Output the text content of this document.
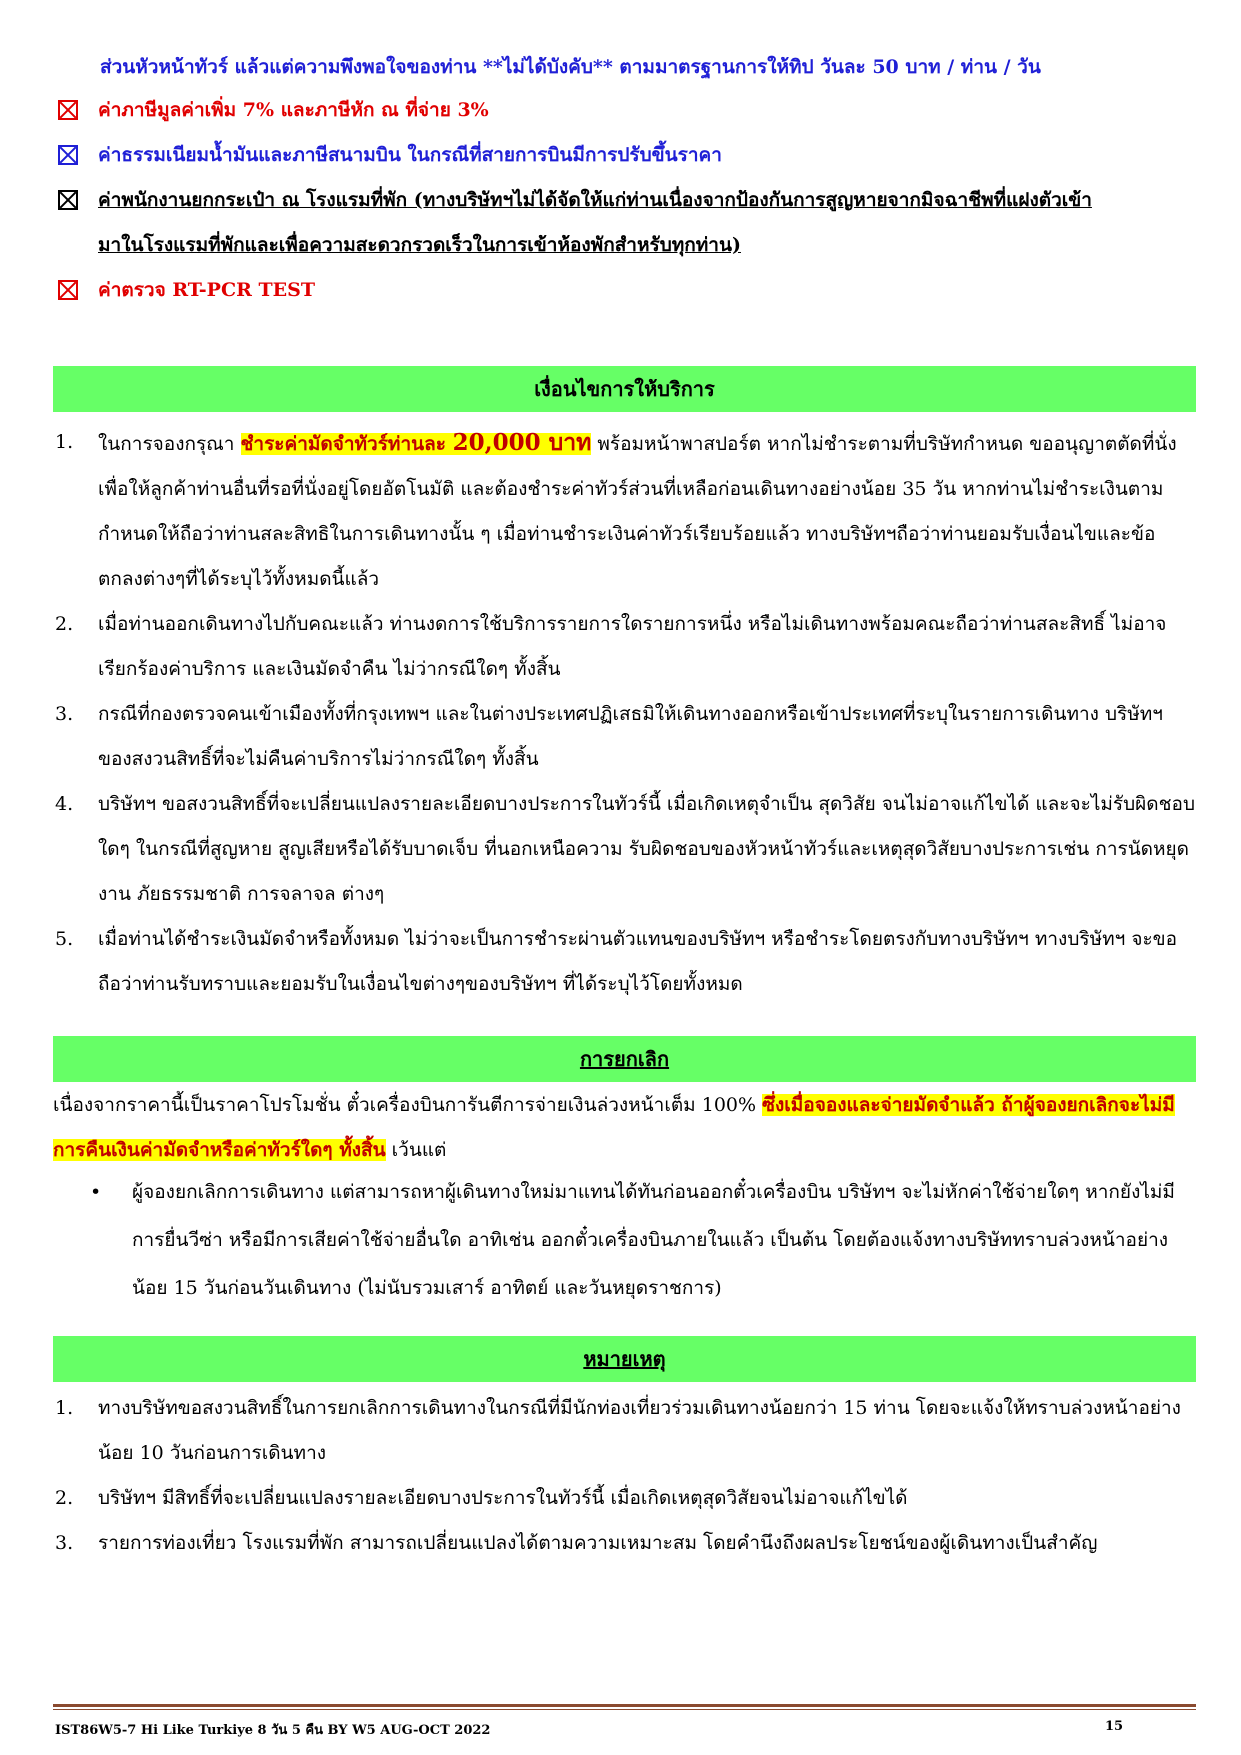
ส่วนหัวหน้าทัวร์ แล้วแต่ความพึงพอใจของท่าน **ไม่ได้บังคับ** ตามมาตรฐานการให้ทิป วันละ 50 บาท / ท่าน / วัน
ค่าภาษีมูลค่าเพิ่ม 7% และภาษีหัก ณ ที่จ่าย 3%
ค่าธรรมเนียมน้ำมันและภาษีสนามบิน ในกรณีที่สายการบินมีการปรับขึ้นราคา
ค่าพนักงานยกกระเป๋า ณ โรงแรมที่พัก (ทางบริษัทฯไม่ได้จัดให้แก่ท่านเนื่องจากป้องกันการสูญหายจากมิจฉาชีพที่แฝงตัวเข้า
มาในโรงแรมที่พักและเพื่อความสะดวกรวดเร็วในการเข้าห้องพักสำหรับทุกท่าน)
ค่าตรวจ RT-PCR TEST
เงื่อนไขการให้บริการ
1. ในการจองกรุณา ชำระค่ามัดจำทัวร์ท่านละ 20,000 บาท พร้อมหน้าพาสปอร์ต หากไม่ชำระตามที่บริษัทกำหนด ขออนุญาตตัดที่นั่งเพื่อให้ลูกค้าท่านอื่นที่รอที่นั่งอยู่โดยอัตโนมัติ และต้องชำระค่าทัวร์ส่วนที่เหลือก่อนเดินทางอย่างน้อย 35 วัน หากท่านไม่ชำระเงินตามกำหนดให้ถือว่าท่านสละสิทธิในการเดินทางนั้น ๆ เมื่อท่านชำระเงินค่าทัวร์เรียบร้อยแล้ว ทางบริษัทฯถือว่าท่านยอมรับเงื่อนไขและข้อตกลงต่างๆที่ได้ระบุไว้ทั้งหมดนี้แล้ว
2. เมื่อท่านออกเดินทางไปกับคณะแล้ว ท่านงดการใช้บริการรายการใดรายการหนึ่ง หรือไม่เดินทางพร้อมคณะถือว่าท่านสละสิทธิ์ ไม่อาจเรียกร้องค่าบริการ และเงินมัดจำคืน ไม่ว่ากรณีใดๆ ทั้งสิ้น
3. กรณีที่กองตรวจคนเข้าเมืองทั้งที่กรุงเทพฯ และในต่างประเทศปฏิเสธมิให้เดินทางออกหรือเข้าประเทศที่ระบุในรายการเดินทาง บริษัทฯ ของสงวนสิทธิ์ที่จะไม่คืนค่าบริการไม่ว่ากรณีใดๆ ทั้งสิ้น
4. บริษัทฯ ขอสงวนสิทธิ์ที่จะเปลี่ยนแปลงรายละเอียดบางประการในทัวร์นี้ เมื่อเกิดเหตุจำเป็น สุดวิสัย จนไม่อาจแก้ไขได้ และจะไม่รับผิดชอบใดๆ ในกรณีที่สูญหาย สูญเสียหรือได้รับบาดเจ็บ ที่นอกเหนือความ รับผิดชอบของหัวหน้าทัวร์และเหตุสุดวิสัยบางประการเช่น การนัดหยุดงาน ภัยธรรมชาติ การจลาจล ต่างๆ
5. เมื่อท่านได้ชำระเงินมัดจำหรือทั้งหมด ไม่ว่าจะเป็นการชำระผ่านตัวแทนของบริษัทฯ หรือชำระโดยตรงกับทางบริษัทฯ ทางบริษัทฯ จะขอถือว่าท่านรับทราบและยอมรับในเงื่อนไขต่างๆของบริษัทฯ ที่ได้ระบุไว้โดยทั้งหมด
การยกเลิก
เนื่องจากราคานี้เป็นราคาโปรโมชั่น ตั๋วเครื่องบินการันตีการจ่ายเงินล่วงหน้าเต็ม 100% ซึ่งเมื่อจองและจ่ายมัดจำแล้ว ถ้าผู้จองยกเลิกจะไม่มีการคืนเงินค่ามัดจำหรือค่าทัวร์ใดๆ ทั้งสิ้น เว้นแต่
•	ผู้จองยกเลิกการเดินทาง แต่สามารถหาผู้เดินทางใหม่มาแทนได้ทันก่อนออกตั๋วเครื่องบิน บริษัทฯ จะไม่หักค่าใช้จ่ายใดๆ หากยังไม่มีการยื่นวีซ่า หรือมีการเสียค่าใช้จ่ายอื่นใด อาทิเช่น ออกตั๋วเครื่องบินภายในแล้ว เป็นต้น โดยต้องแจ้งทางบริษัททราบล่วงหน้าอย่างน้อย 15 วันก่อนวันเดินทาง (ไม่นับรวมเสาร์ อาทิตย์ และวันหยุดราชการ)
หมายเหตุ
1. ทางบริษัทขอสงวนสิทธิ์ในการยกเลิกการเดินทางในกรณีที่มีนักท่องเที่ยวร่วมเดินทางน้อยกว่า 15 ท่าน โดยจะแจ้งให้ทราบล่วงหน้าอย่างน้อย 10 วันก่อนการเดินทาง
2. บริษัทฯ มีสิทธิ์ที่จะเปลี่ยนแปลงรายละเอียดบางประการในทัวร์นี้ เมื่อเกิดเหตุสุดวิสัยจนไม่อาจแก้ไขได้
3. รายการท่องเที่ยว โรงแรมที่พัก สามารถเปลี่ยนแปลงได้ตามความเหมาะสม โดยคำนึงถึงผลประโยชน์ของผู้เดินทางเป็นสำคัญ
IST86W5-7 Hi Like Turkiye 8 วัน 5 คืน BY W5 AUG-OCT 2022	15
